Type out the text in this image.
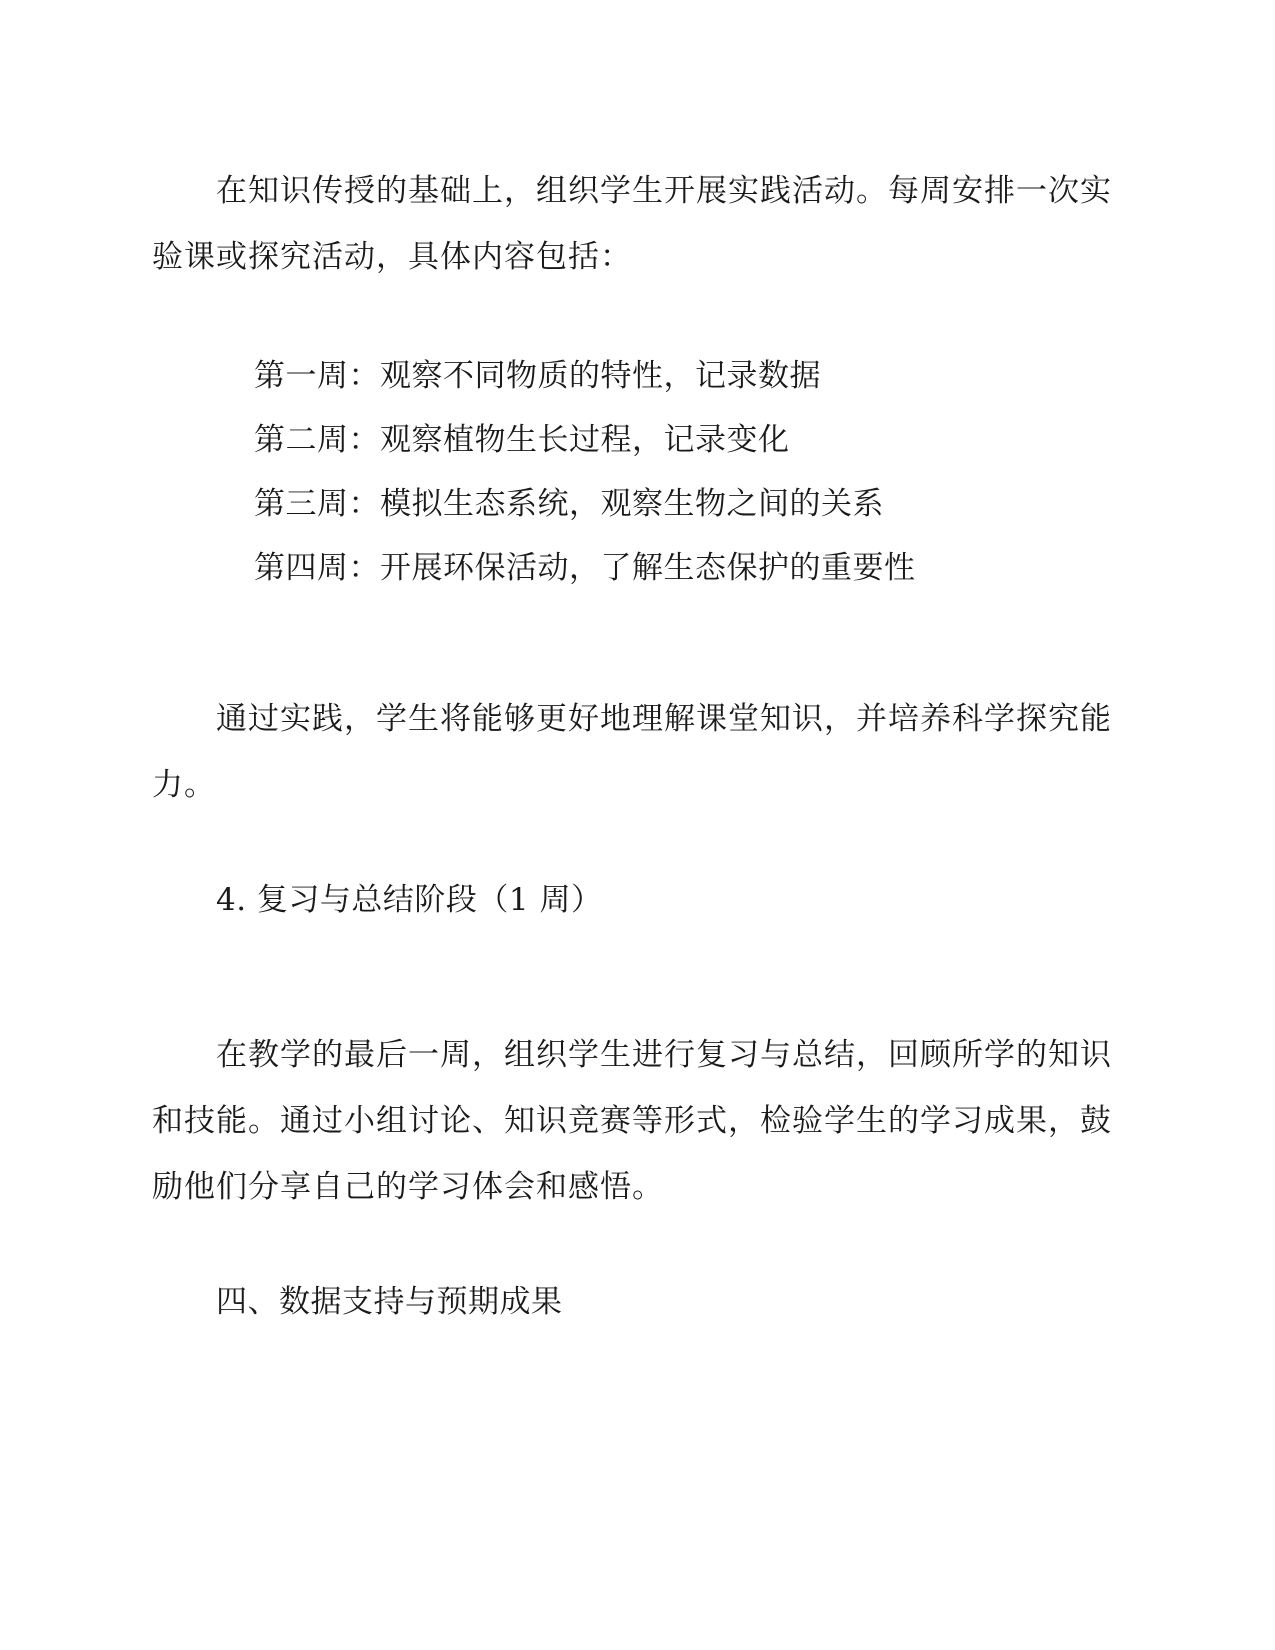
在知识传授的基础上，组织学生开展实践活动。每周安排一次实验课或探究活动，具体内容包括：
第一周：观察不同物质的特性，记录数据
第二周：观察植物生长过程，记录变化
第三周：模拟生态系统，观察生物之间的关系
第四周：开展环保活动，了解生态保护的重要性
通过实践，学生将能够更好地理解课堂知识，并培养科学探究能力。
4. 复习与总结阶段（1 周）
在教学的最后一周，组织学生进行复习与总结，回顾所学的知识和技能。通过小组讨论、知识竞赛等形式，检验学生的学习成果，鼓励他们分享自己的学习体会和感悟。
四、数据支持与预期成果
